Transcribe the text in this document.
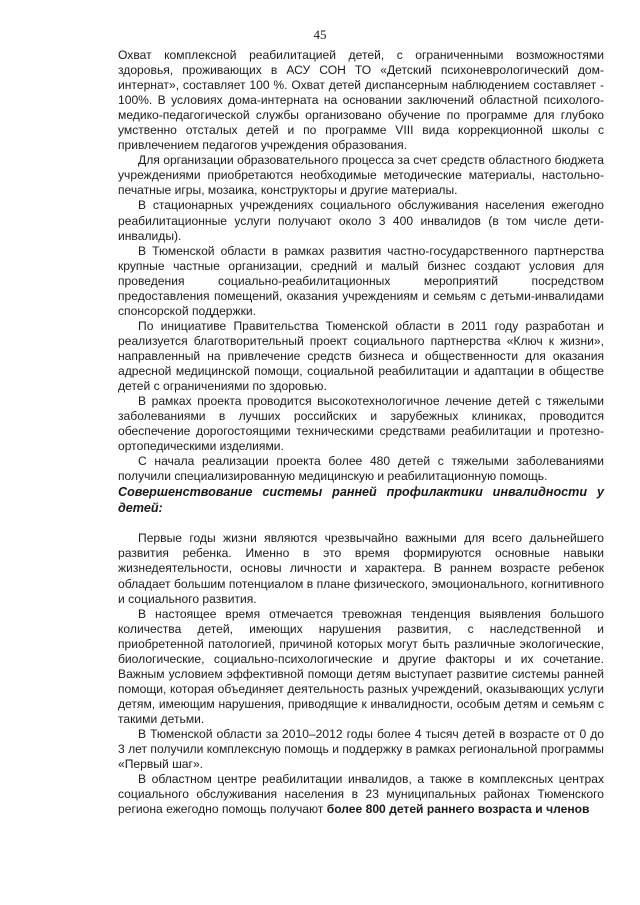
45

Охват комплексной реабилитацией детей, с ограниченными возможностями здоровья, проживающих в АСУ СОН ТО «Детский психоневрологический дом-интернат», составляет 100 %. Охват детей диспансерным наблюдением составляет - 100%. В условиях дома-интерната на основании заключений областной психолого-медико-педагогической службы организовано обучение по программе для глубоко умственно отсталых детей и по программе VIII вида коррекционной школы с привлечением педагогов учреждения образования.

Для организации образовательного процесса за счет средств областного бюджета учреждениями приобретаются необходимые методические материалы, настольно-печатные игры, мозаика, конструкторы и другие материалы.

В стационарных учреждениях социального обслуживания населения ежегодно реабилитационные услуги получают около 3 400 инвалидов (в том числе дети-инвалиды).

В Тюменской области в рамках развития частно-государственного партнерства крупные частные организации, средний и малый бизнес создают условия для проведения социально-реабилитационных мероприятий посредством предоставления помещений, оказания учреждениям и семьям с детьми-инвалидами спонсорской поддержки.

По инициативе Правительства Тюменской области в 2011 году разработан и реализуется благотворительный проект социального партнерства «Ключ к жизни», направленный на привлечение средств бизнеса и общественности для оказания адресной медицинской помощи, социальной реабилитации и адаптации в обществе детей с ограничениями по здоровью.

В рамках проекта проводится высокотехнологичное лечение детей с тяжелыми заболеваниями в лучших российских и зарубежных клиниках, проводится обеспечение дорогостоящими техническими средствами реабилитации и протезно-ортопедическими изделиями.

С начала реализации проекта более 480 детей с тяжелыми заболеваниями получили специализированную медицинскую и реабилитационную помощь.

Совершенствование системы ранней профилактики инвалидности у детей:

Первые годы жизни являются чрезвычайно важными для всего дальнейшего развития ребенка. Именно в это время формируются основные навыки жизнедеятельности, основы личности и характера. В раннем возрасте ребенок обладает большим потенциалом в плане физического, эмоционального, когнитивного и социального развития.

В настоящее время отмечается тревожная тенденция выявления большого количества детей, имеющих нарушения развития, с наследственной и приобретенной патологией, причиной которых могут быть различные экологические, биологические, социально-психологические и другие факторы и их сочетание. Важным условием эффективной помощи детям выступает развитие системы ранней помощи, которая объединяет деятельность разных учреждений, оказывающих услуги детям, имеющим нарушения, приводящие к инвалидности, особым детям и семьям с такими детьми.

В Тюменской области за 2010–2012 годы более 4 тысяч детей в возрасте от 0 до 3 лет получили комплексную помощь и поддержку в рамках региональной программы «Первый шаг».

В областном центре реабилитации инвалидов, а также в комплексных центрах социального обслуживания населения в 23 муниципальных районах Тюменского региона ежегодно помощь получают более 800 детей раннего возраста и членов
